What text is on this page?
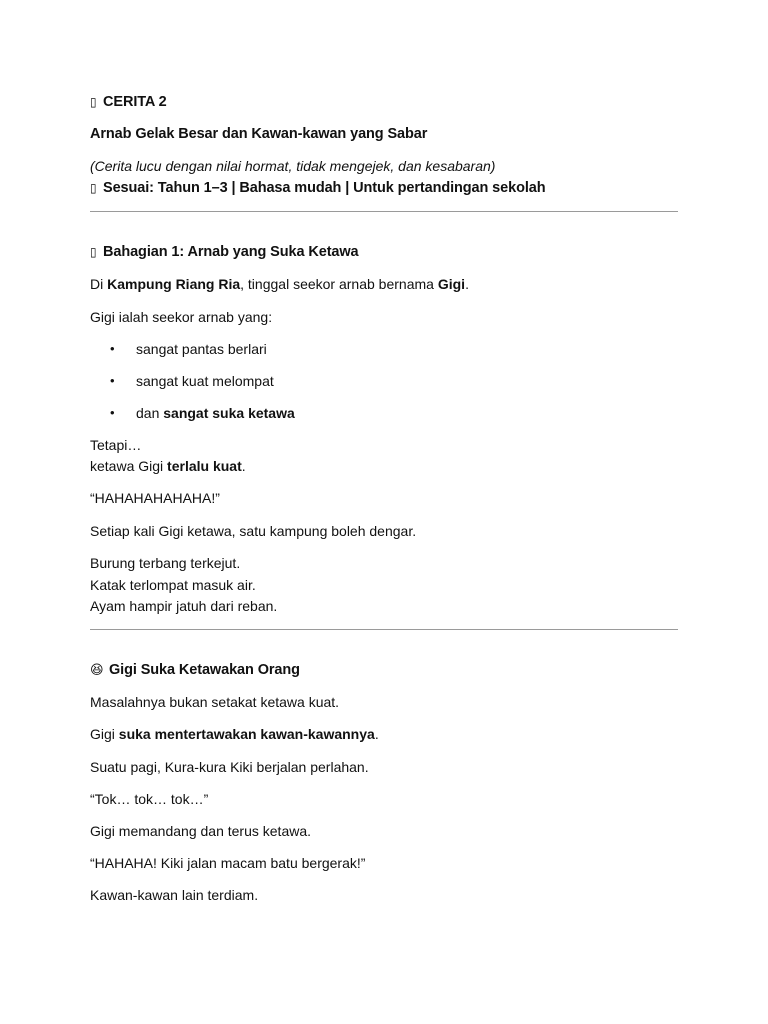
▯ CERITA 2
Arnab Gelak Besar dan Kawan-kawan yang Sabar
(Cerita lucu dengan nilai hormat, tidak mengejek, dan kesabaran)
▯ Sesuai: Tahun 1–3 | Bahasa mudah | Untuk pertandingan sekolah
▯ Bahagian 1: Arnab yang Suka Ketawa
Di Kampung Riang Ria, tinggal seekor arnab bernama Gigi.
Gigi ialah seekor arnab yang:
• sangat pantas berlari
• sangat kuat melompat
• dan sangat suka ketawa
Tetapi…
ketawa Gigi terlalu kuat.
“HAHAHAHAHAHA!”
Setiap kali Gigi ketawa, satu kampung boleh dengar.
Burung terbang terkejut.
Katak terlompat masuk air.
Ayam hampir jatuh dari reban.
😆 Gigi Suka Ketawakan Orang
Masalahnya bukan setakat ketawa kuat.
Gigi suka mentertawakan kawan-kawannya.
Suatu pagi, Kura-kura Kiki berjalan perlahan.
“Tok… tok… tok…”
Gigi memandang dan terus ketawa.
“HAHAHA! Kiki jalan macam batu bergerak!”
Kawan-kawan lain terdiam.
